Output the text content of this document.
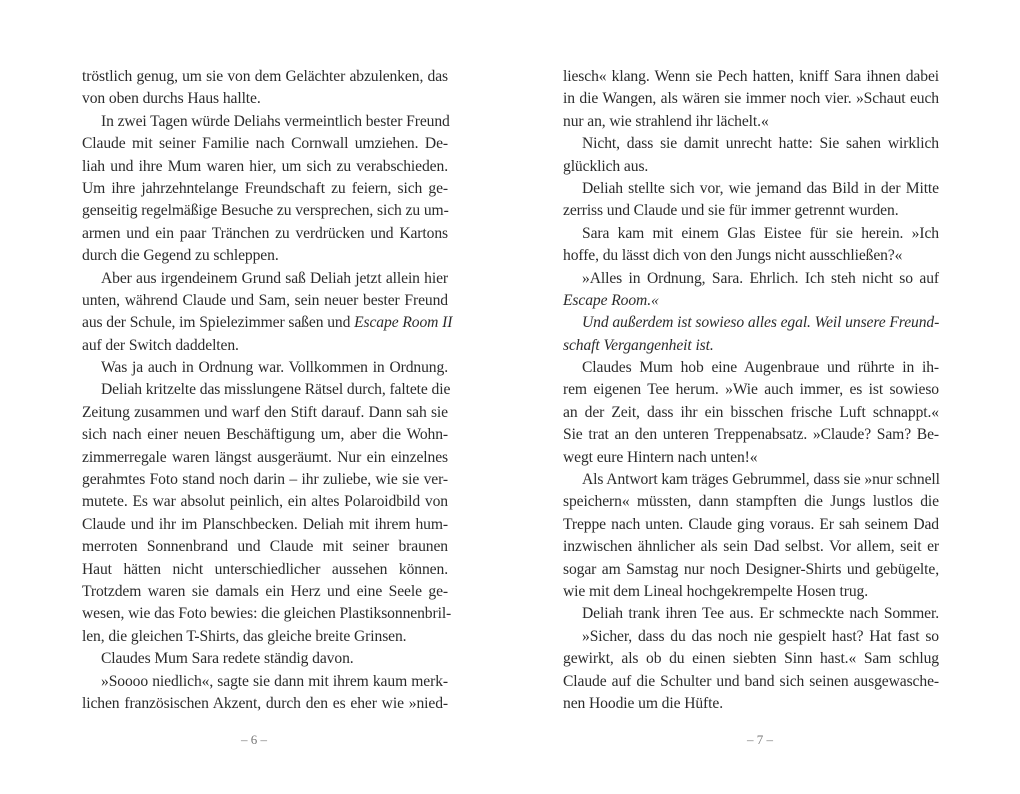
tröstlich genug, um sie von dem Gelächter abzulenken, das
von oben durchs Haus hallte.
In zwei Tagen würde Deliahs vermeintlich bester Freund
Claude mit seiner Familie nach Cornwall umziehen. De-
liah und ihre Mum waren hier, um sich zu verabschieden.
Um ihre jahrzehntelange Freundschaft zu feiern, sich ge-
genseitig regelmäßige Besuche zu versprechen, sich zu um-
armen und ein paar Tränchen zu verdrücken und Kartons
durch die Gegend zu schleppen.
Aber aus irgendeinem Grund saß Deliah jetzt allein hier
unten, während Claude und Sam, sein neuer bester Freund
aus der Schule, im Spielezimmer saßen und Escape Room II
auf der Switch daddelten.
Was ja auch in Ordnung war. Vollkommen in Ordnung.
Deliah kritzelte das misslungene Rätsel durch, faltete die
Zeitung zusammen und warf den Stift darauf. Dann sah sie
sich nach einer neuen Beschäftigung um, aber die Wohn-
zimmerregale waren längst ausgeräumt. Nur ein einzelnes
gerahmtes Foto stand noch darin – ihr zuliebe, wie sie ver-
mutete. Es war absolut peinlich, ein altes Polaroidbild von
Claude und ihr im Planschbecken. Deliah mit ihrem hum-
merroten Sonnenbrand und Claude mit seiner braunen
Haut hätten nicht unterschiedlicher aussehen können.
Trotzdem waren sie damals ein Herz und eine Seele ge-
wesen, wie das Foto bewies: die gleichen Plastiksonnenbril-
len, die gleichen T-Shirts, das gleiche breite Grinsen.
Claudes Mum Sara redete ständig davon.
»Soooo niedlich«, sagte sie dann mit ihrem kaum merk-
lichen französischen Akzent, durch den es eher wie »nied-
– 6 –
liesch« klang. Wenn sie Pech hatten, kniff Sara ihnen dabei
in die Wangen, als wären sie immer noch vier. »Schaut euch
nur an, wie strahlend ihr lächelt.«
Nicht, dass sie damit unrecht hatte: Sie sahen wirklich
glücklich aus.
Deliah stellte sich vor, wie jemand das Bild in der Mitte
zerriss und Claude und sie für immer getrennt wurden.
Sara kam mit einem Glas Eistee für sie herein. »Ich
hoffe, du lässt dich von den Jungs nicht ausschließen?«
»Alles in Ordnung, Sara. Ehrlich. Ich steh nicht so auf
Escape Room.«
Und außerdem ist sowieso alles egal. Weil unsere Freund-
schaft Vergangenheit ist.
Claudes Mum hob eine Augenbraue und rührte in ih-
rem eigenen Tee herum. »Wie auch immer, es ist sowieso
an der Zeit, dass ihr ein bisschen frische Luft schnappt.«
Sie trat an den unteren Treppenabsatz. »Claude? Sam? Be-
wegt eure Hintern nach unten!«
Als Antwort kam träges Gebrummel, dass sie »nur schnell
speichern« müssten, dann stampften die Jungs lustlos die
Treppe nach unten. Claude ging voraus. Er sah seinem Dad
inzwischen ähnlicher als sein Dad selbst. Vor allem, seit er
sogar am Samstag nur noch Designer-Shirts und gebügelte,
wie mit dem Lineal hochgekrempelte Hosen trug.
Deliah trank ihren Tee aus. Er schmeckte nach Sommer.
»Sicher, dass du das noch nie gespielt hast? Hat fast so
gewirkt, als ob du einen siebten Sinn hast.« Sam schlug
Claude auf die Schulter und band sich seinen ausgewasche-
nen Hoodie um die Hüfte.
– 7 –
